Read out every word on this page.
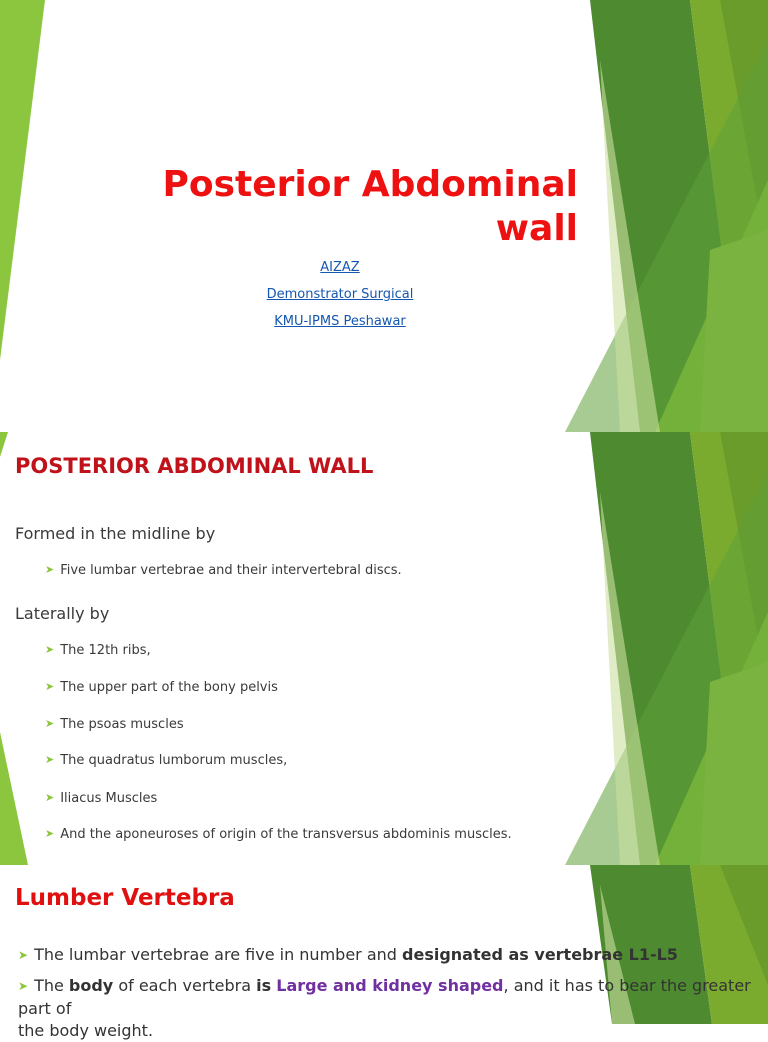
Posterior Abdominal
wall
AIZAZ
Demonstrator Surgical
KMU-IPMS Peshawar
POSTERIOR ABDOMINAL WALL
Formed in the midline by
➤ Five lumbar vertebrae and their intervertebral discs.
Laterally by
➤ The 12th ribs,
➤ The upper part of the bony pelvis
➤ The psoas muscles
➤ The quadratus lumborum muscles,
➤ Iliacus Muscles
➤ And the aponeuroses of origin of the transversus abdominis muscles.
Lumber Vertebra
➤ The lumbar vertebrae are five in number and designated as vertebrae L1-L5
➤ The body of each vertebra is Large and kidney shaped, and it has to bear the greater part of
the body weight.
